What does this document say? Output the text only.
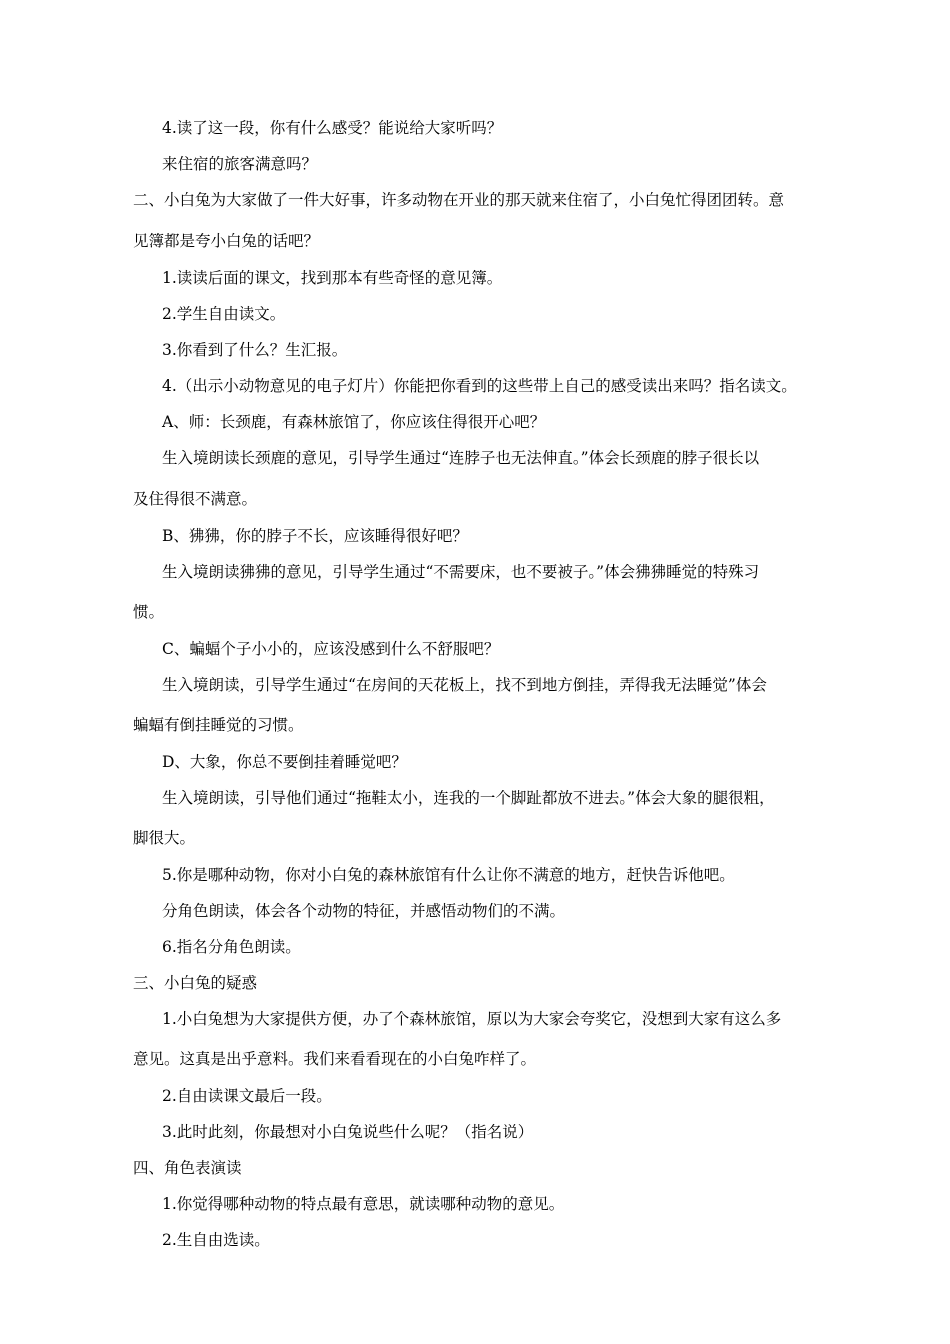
4.读了这一段，你有什么感受？能说给大家听吗？
来住宿的旅客满意吗？
二、小白兔为大家做了一件大好事，许多动物在开业的那天就来住宿了，小白兔忙得团团转。意
见簿都是夸小白兔的话吧？
1.读读后面的课文，找到那本有些奇怪的意见簿。
2.学生自由读文。
3.你看到了什么？生汇报。
4.（出示小动物意见的电子灯片）你能把你看到的这些带上自己的感受读出来吗？指名读文。
A、师：长颈鹿，有森林旅馆了，你应该住得很开心吧？
生入境朗读长颈鹿的意见，引导学生通过“连脖子也无法伸直。”体会长颈鹿的脖子很长以
及住得很不满意。
B、狒狒，你的脖子不长，应该睡得很好吧？
生入境朗读狒狒的意见，引导学生通过“不需要床，也不要被子。”体会狒狒睡觉的特殊习
惯。
C、蝙蝠个子小小的，应该没感到什么不舒服吧？
生入境朗读，引导学生通过“在房间的天花板上，找不到地方倒挂，弄得我无法睡觉”体会
蝙蝠有倒挂睡觉的习惯。
D、大象，你总不要倒挂着睡觉吧？
生入境朗读，引导他们通过“拖鞋太小，连我的一个脚趾都放不进去。”体会大象的腿很粗，
脚很大。
5.你是哪种动物，你对小白兔的森林旅馆有什么让你不满意的地方，赶快告诉他吧。
分角色朗读，体会各个动物的特征，并感悟动物们的不满。
6.指名分角色朗读。
三、小白兔的疑惑
1.小白兔想为大家提供方便，办了个森林旅馆，原以为大家会夸奖它，没想到大家有这么多
意见。这真是出乎意料。我们来看看现在的小白兔咋样了。
2.自由读课文最后一段。
3.此时此刻，你最想对小白兔说些什么呢？（指名说）
四、角色表演读
1.你觉得哪种动物的特点最有意思，就读哪种动物的意见。
2.生自由选读。
